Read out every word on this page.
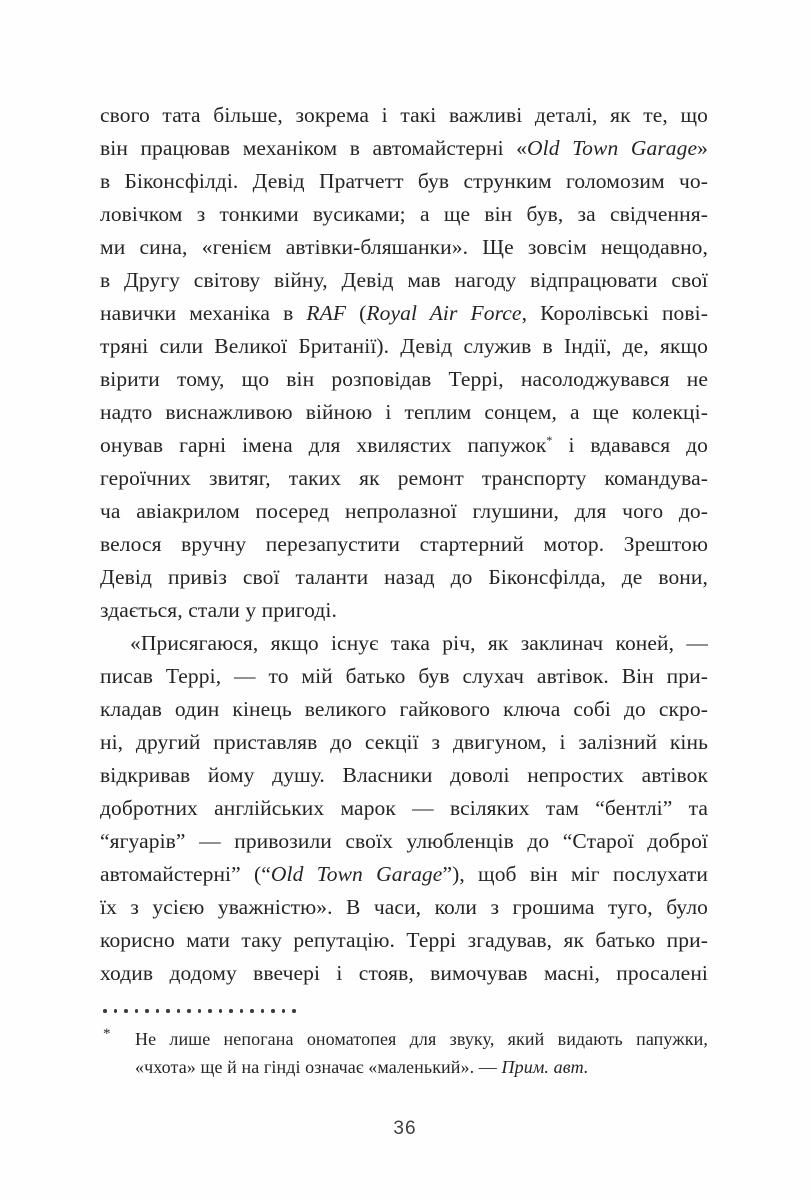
свого тата більше, зокрема і такі важливі деталі, як те, що
він працював механіком в автомайстерні «Old Town Garage»
в Біконсфілді. Девід Пратчетт був струнким голомозим чо-
ловічком з тонкими вусиками; а ще він був, за свідчення-
ми сина, «генієм автівки-бляшанки». Ще зовсім нещодавно,
в Другу світову війну, Девід мав нагоду відпрацювати свої
навички механіка в RAF (Royal Air Force, Королівські пові-
тряні сили Великої Британії). Девід служив в Індії, де, якщо
вірити тому, що він розповідав Террі, насолоджувався не
надто виснажливою війною і теплим сонцем, а ще колекці-
онував гарні імена для хвилястих папужок* і вдавався до
героїчних звитяг, таких як ремонт транспорту командува-
ча авіакрилом посеред непролазної глушини, для чого до-
велося вручну перезапустити стартерний мотор. Зрештою
Девід привіз свої таланти назад до Біконсфілда, де вони,
здається, стали у пригоді.
«Присягаюся, якщо існує така річ, як заклинач коней, —
писав Террі, — то мій батько був слухач автівок. Він при-
кладав один кінець великого гайкового ключа собі до скро-
ні, другий приставляв до секції з двигуном, і залізний кінь
відкривав йому душу. Власники доволі непростих автівок
добротних англійських марок — всіляких там “бентлі” та
“ягуарів” — привозили своїх улюбленців до “Старої доброї
автомайстерні” (“Old Town Garage”), щоб він міг послухати
їх з усією уважністю». В часи, коли з грошима туго, було
корисно мати таку репутацію. Террі згадував, як батько при-
ходив додому ввечері і стояв, вимочував масні, просалені
* Не лише непогана ономатопея для звуку, який видають папужки,
«чхота» ще й на гінді означає «маленький». — Прим. авт.
36
